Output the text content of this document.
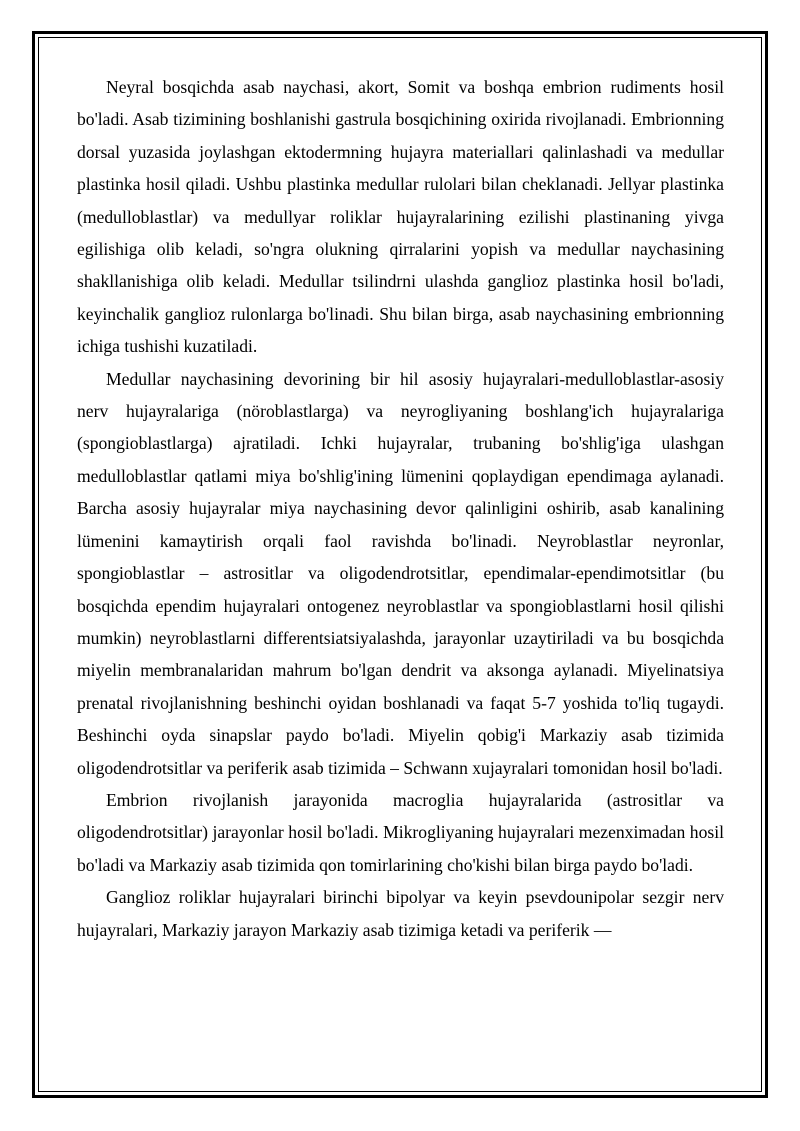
Neyral bosqichda asab naychasi, akort, Somit va boshqa embrion rudiments hosil bo'ladi. Asab tizimining boshlanishi gastrula bosqichining oxirida rivojlanadi. Embrionning dorsal yuzasida joylashgan ektodermning hujayra materiallari qalinlashadi va medullar plastinka hosil qiladi. Ushbu plastinka medullar rulolari bilan cheklanadi. Jellyar plastinka (medulloblastlar) va medullyar roliklar hujayralarining ezilishi plastinaning yivga egilishiga olib keladi, so'ngra olukning qirralarini yopish va medullar naychasining shakllanishiga olib keladi. Medullar tsilindrni ulashda ganglioz plastinka hosil bo'ladi, keyinchalik ganglioz rulonlarga bo'linadi. Shu bilan birga, asab naychasining embrionning ichiga tushishi kuzatiladi.

Medullar naychasining devorining bir hil asosiy hujayralari-medulloblastlar-asosiy nerv hujayralariga (nöroblastlarga) va neyrogliyaning boshlang'ich hujayralariga (spongioblastlarga) ajratiladi. Ichki hujayralar, trubaning bo'shlig'iga ulashgan medulloblastlar qatlami miya bo'shlig'ining lümenini qoplaydigan ependimaga aylanadi. Barcha asosiy hujayralar miya naychasining devor qalinligini oshirib, asab kanalining lümenini kamaytirish orqali faol ravishda bo'linadi. Neyroblastlar neyronlar, spongioblastlar – astrositlar va oligodendrotsitlar, ependimalar-ependimotsitlar (bu bosqichda ependim hujayralari ontogenez neyroblastlar va spongioblastlarni hosil qilishi mumkin) neyroblastlarni differentsiatsiyalashda, jarayonlar uzaytiriladi va bu bosqichda miyelin membranalaridan mahrum bo'lgan dendrit va aksonga aylanadi. Miyelinatsiya prenatal rivojlanishning beshinchi oyidan boshlanadi va faqat 5-7 yoshida to'liq tugaydi. Beshinchi oyda sinapslar paydo bo'ladi. Miyelin qobig'i Markaziy asab tizimida oligodendrotsitlar va periferik asab tizimida – Schwann xujayralari tomonidan hosil bo'ladi.

Embrion rivojlanish jarayonida macroglia hujayralarida (astrositlar va oligodendrotsitlar) jarayonlar hosil bo'ladi. Mikrogliyaning hujayralari mezenximadan hosil bo'ladi va Markaziy asab tizimida qon tomirlarining cho'kishi bilan birga paydo bo'ladi.

Ganglioz roliklar hujayralari birinchi bipolyar va keyin psevdounipolar sezgir nerv hujayralari, Markaziy jarayon Markaziy asab tizimiga ketadi va periferik —
